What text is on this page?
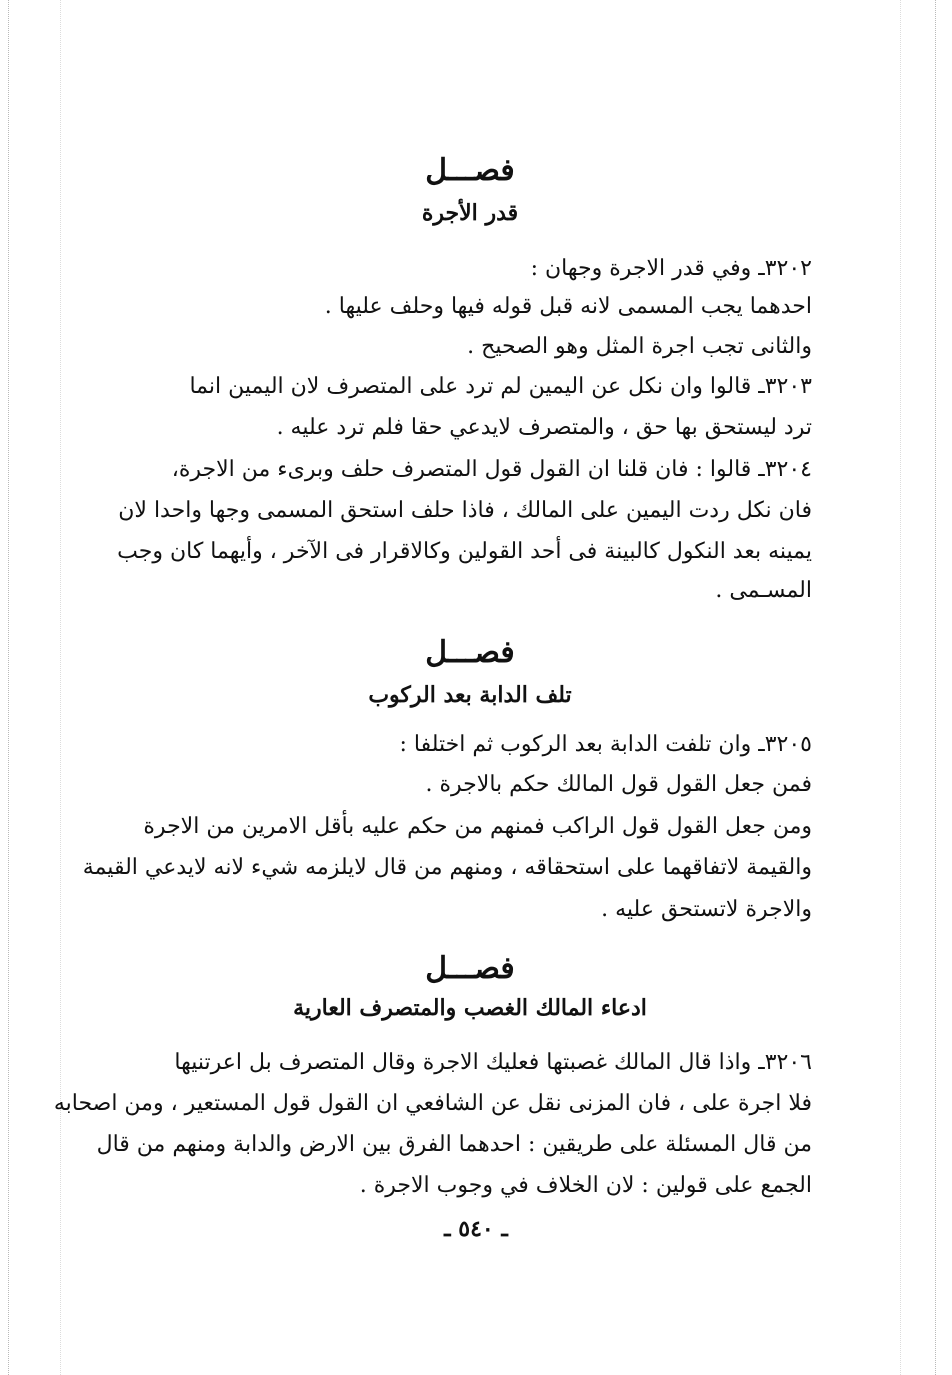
فصـــل
قدر الأجرة
٣٢٠٢ـ وفي قدر الاجرة وجهان :
احدهما يجب المسمى لانه قبل قوله فيها وحلف عليها .
والثانى تجب اجرة المثل وهو الصحيح .
٣٢٠٣ـ قالوا وان نكل عن اليمين لم ترد على المتصرف لان اليمين انما
ترد ليستحق بها حق ، والمتصرف لايدعي حقا فلم ترد عليه .
٣٢٠٤ـ قالوا : فان قلنا ان القول قول المتصرف حلف وبرىء من الاجرة،
فان نكل ردت اليمين على المالك ، فاذا حلف استحق المسمى وجها واحدا لان
يمينه بعد النكول كالبينة فى أحد القولين وكالاقرار فى الآخر ، وأيهما كان وجب
المسـمى .
فصـــل
تلف الدابة بعد الركوب
٣٢٠٥ـ وان تلفت الدابة بعد الركوب ثم اختلفا :
فمن جعل القول قول المالك حكم بالاجرة .
ومن جعل القول قول الراكب فمنهم من حكم عليه بأقل الامرين من الاجرة
والقيمة لاتفاقهما على استحقاقه ، ومنهم من قال لايلزمه شيء لانه لايدعي القيمة
والاجرة لاتستحق عليه .
فصـــل
ادعاء المالك الغصب والمتصرف العارية
٣٢٠٦ـ واذا قال المالك غصبتها فعليك الاجرة وقال المتصرف بل اعرتنيها
فلا اجرة على ، فان المزنى نقل عن الشافعي ان القول قول المستعير ، ومن اصحابه
من قال المسئلة على طريقين : احدهما الفرق بين الارض والدابة ومنهم من قال
الجمع على قولين : لان الخلاف في وجوب الاجرة .
ـ ٥٤٠ ـ
